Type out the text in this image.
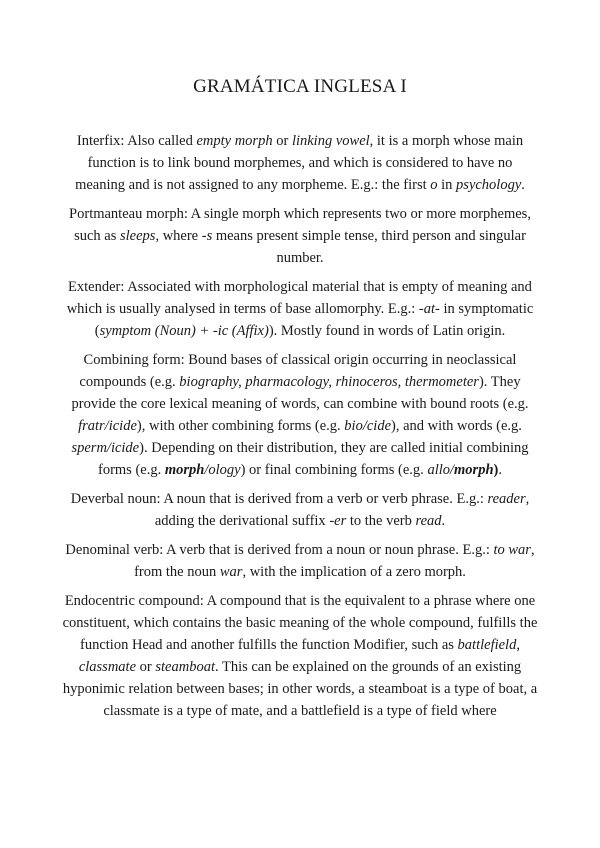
GRAMÁTICA INGLESA I

Interfix: Also called empty morph or linking vowel, it is a morph whose main function is to link bound morphemes, and which is considered to have no meaning and is not assigned to any morpheme. E.g.: the first o in psychology.

Portmanteau morph: A single morph which represents two or more morphemes, such as sleeps, where -s means present simple tense, third person and singular number.

Extender: Associated with morphological material that is empty of meaning and which is usually analysed in terms of base allomorphy. E.g.: -at- in symptomatic (symptom (Noun) + -ic (Affix)). Mostly found in words of Latin origin.

Combining form: Bound bases of classical origin occurring in neoclassical compounds (e.g. biography, pharmacology, rhinoceros, thermometer). They provide the core lexical meaning of words, can combine with bound roots (e.g. fratr/icide), with other combining forms (e.g. bio/cide), and with words (e.g. sperm/icide). Depending on their distribution, they are called initial combining forms (e.g. morph/ology) or final combining forms (e.g. allo/morph).

Deverbal noun: A noun that is derived from a verb or verb phrase. E.g.: reader, adding the derivational suffix -er to the verb read.

Denominal verb: A verb that is derived from a noun or noun phrase. E.g.: to war, from the noun war, with the implication of a zero morph.

Endocentric compound: A compound that is the equivalent to a phrase where one constituent, which contains the basic meaning of the whole compound, fulfills the function Head and another fulfills the function Modifier, such as battlefield, classmate or steamboat. This can be explained on the grounds of an existing hyponimic relation between bases; in other words, a steamboat is a type of boat, a classmate is a type of mate, and a battlefield is a type of field where
